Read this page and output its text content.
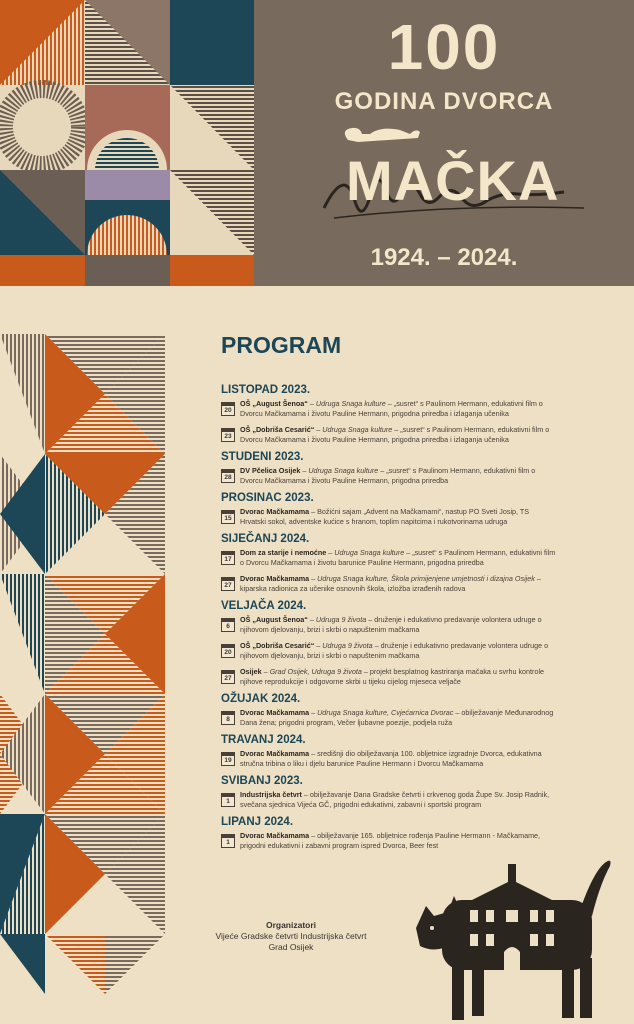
100
GODINA DVORCA
Mama
MAČKA
1924. – 2024.
PROGRAM
LISTOPAD 2023.
20
OŠ „August Šenoa“ – Udruga Snaga kulture – „susret“ s Paulinom Hermann, edukativni film o Dvorcu Mačkamama i životu Pauline Hermann, prigodna priredba i izlaganja učenika
23
OŠ „Dobriša Cesarić“ – Udruga Snaga kulture – „susret“ s Paulinom Hermann, edukativni film o Dvorcu Mačkamama i životu Pauline Hermann, prigodna priredba i izlaganja učenika
STUDENI 2023.
28
DV Pčelica Osijek – Udruga Snaga kulture – „susret“ s Paulinom Hermann, edukativni film o Dvorcu Mačkamama i životu Pauline Hermann, prigodna priredba
PROSINAC 2023.
15
Dvorac Mačkamama – Božićni sajam „Advent na Mačkamami“, nastup PO Sveti Josip, TS Hrvatski sokol, adventske kućice s hranom, toplim napitcima i rukotvorinama udruga
SIJEČANJ 2024.
17
Dom za starije i nemoćne – Udruga Snaga kulture – „susret“ s Paulinom Hermann, edukativni film o Dvorcu Mačkamama i životu barunice Pauline Hermann, prigodna priredba
27
Dvorac Mačkamama – Udruga Snaga kulture, Škola primijenjene umjetnosti i dizajna Osijek – kiparska radionica za učenike osnovnih škola, izložba izrađenih radova
VELJAČA 2024.
6
OŠ „August Šenoa“ – Udruga 9 života – druženje i edukativno predavanje volontera udruge o njihovom djelovanju, brizi i skrbi o napuštenim mačkama
20
OŠ „Dobriša Cesarić“ – Udruga 9 života – druženje i edukativno predavanje volontera udruge o njihovom djelovanju, brizi i skrbi o napuštenim mačkama
27
Osijek – Grad Osijek, Udruga 9 života – projekt besplatnog kastriranja mačaka u svrhu kontrole njihove reprodukcije i odgovorne skrbi u tijeku cijelog mjeseca veljače
OŽUJAK 2024.
8
Dvorac Mačkamama – Udruga Snaga kulture, Cvjećarnica Dvorac – obilježavanje Međunarodnog Dana žena; prigodni program, Večer ljubavne poezije, podjela ruža
TRAVANJ 2024.
19
Dvorac Mačkamama – središnji dio obilježavanja 100. obljetnice izgradnje Dvorca, edukativna stručna tribina o liku i djelu barunice Pauline Hermann i Dvorcu Mačkamama
SVIBANJ 2023.
1
Industrijska četvrt – obilježavanje Dana Gradske četvrti i crkvenog goda Župe Sv. Josip Radnik, svečana sjednica Vijeća GČ, prigodni edukativni, zabavni i sportski program
LIPANJ 2024.
1
Dvorac Mačkamama – obilježavanje 165. obljetnice rođenja Pauline Hermann - Mačkamame, prigodni edukativni i zabavni program ispred Dvorca, Beer fest
Organizatori
Vijeće Gradske četvrti Industrijska četvrt
Grad Osijek
